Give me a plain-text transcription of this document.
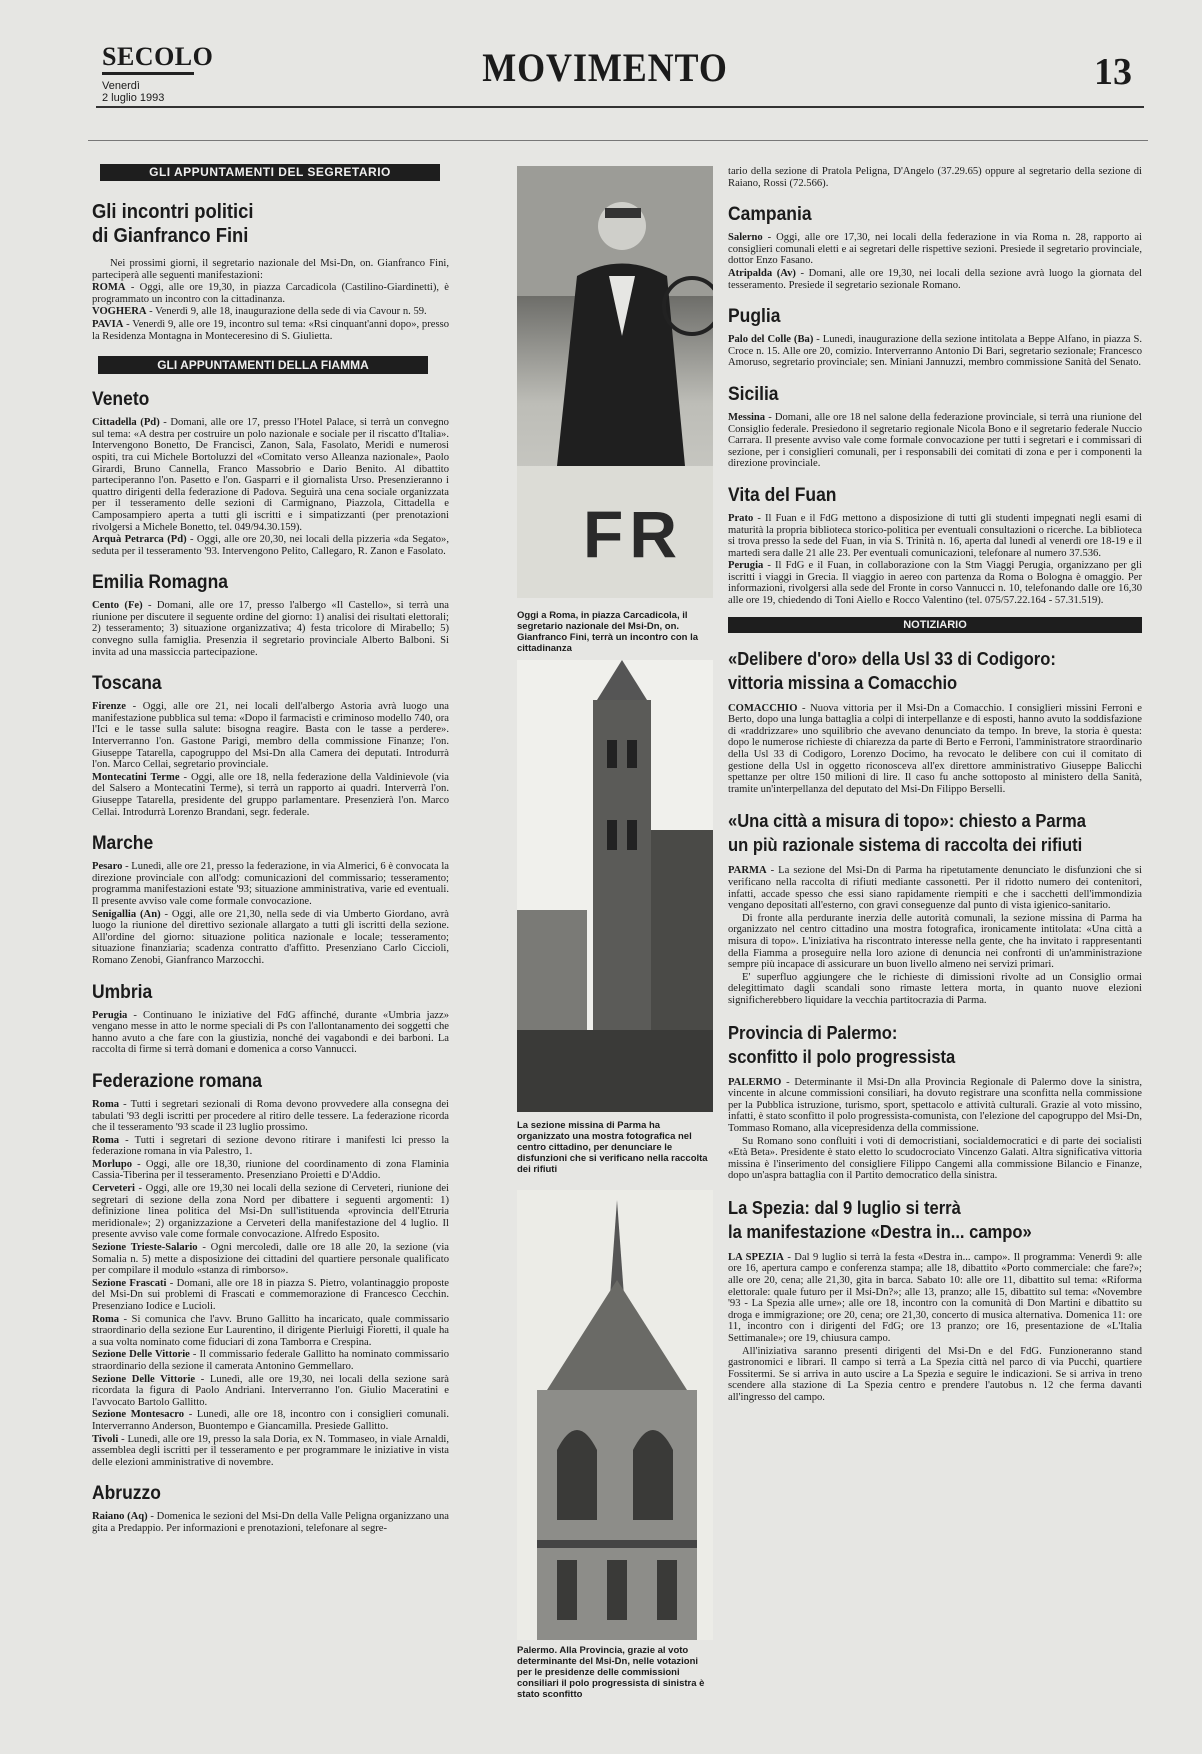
SECOLO
Venerdì
2 luglio 1993
MOVIMENTO	13
GLI APPUNTAMENTI DEL SEGRETARIO
Gli incontri politici
di Gianfranco Fini

Nei prossimi giorni, il segretario nazionale del Msi-Dn, on. Gianfranco Fini, parteciperà alle seguenti manifestazioni:

ROMA - Oggi, alle ore 19,30, in piazza Carcadicola (Castilino-Giardinetti), è programmato un incontro con la cittadinanza.

VOGHERA - Venerdì 9, alle 18, inaugurazione della sede di via Cavour n. 59.

PAVIA - Venerdì 9, alle ore 19, incontro sul tema: «Rsi cinquant'anni dopo», presso la Residenza Montagna in Monteceresino di S. Giulietta.

GLI APPUNTAMENTI DELLA FIAMMA
Veneto

Cittadella (Pd) - Domani, alle ore 17, presso l'Hotel Palace, si terrà un convegno sul tema: «A destra per costruire un polo nazionale e sociale per il riscatto d'Italia». Intervengono Bonetto, De Francisci, Zanon, Sala, Fasolato, Meridi e numerosi ospiti, tra cui Michele Bortoluzzi del «Comitato verso Alleanza nazionale», Paolo Girardi, Bruno Cannella, Franco Massobrio e Dario Benito. Al dibattito parteciperanno l'on. Pasetto e l'on. Gasparri e il giornalista Urso. Presenzieranno i quattro dirigenti della federazione di Padova. Seguirà una cena sociale organizzata per il tesseramento delle sezioni di Carmignano, Piazzola, Cittadella e Camposampiero aperta a tutti gli iscritti e i simpatizzanti (per prenotazioni rivolgersi a Michele Bonetto, tel. 049/94.30.159).

Arquà Petrarca (Pd) - Oggi, alle ore 20,30, nei locali della pizzeria «da Segato», seduta per il tesseramento '93. Intervengono Pelito, Callegaro, R. Zanon e Fasolato.

Emilia Romagna

Cento (Fe) - Domani, alle ore 17, presso l'albergo «Il Castello», si terrà una riunione per discutere il seguente ordine del giorno: 1) analisi dei risultati elettorali; 2) tesseramento; 3) situazione organizzativa; 4) festa tricolore di Mirabello; 5) convegno sulla famiglia. Presenzia il segretario provinciale Alberto Balboni. Si invita ad una massiccia partecipazione.

Toscana

Firenze - Oggi, alle ore 21, nei locali dell'albergo Astoria avrà luogo una manifestazione pubblica sul tema: «Dopo il farmacisti e criminoso modello 740, ora l'Ici e le tasse sulla salute: bisogna reagire. Basta con le tasse a perdere». Interverranno l'on. Gastone Parigi, membro della commissione Finanze; l'on. Giuseppe Tatarella, capogruppo del Msi-Dn alla Camera dei deputati. Introdurrà l'on. Marco Cellai, segretario provinciale.

Montecatini Terme - Oggi, alle ore 18, nella federazione della Valdinievole (via del Salsero a Montecatini Terme), si terrà un rapporto ai quadri. Interverrà l'on. Giuseppe Tatarella, presidente del gruppo parlamentare. Presenzierà l'on. Marco Cellai. Introdurrà Lorenzo Brandani, segr. federale.

Marche

Pesaro - Lunedì, alle ore 21, presso la federazione, in via Almerici, 6 è convocata la direzione provinciale con all'odg: comunicazioni del commissario; tesseramento; programma manifestazioni estate '93; situazione amministrativa, varie ed eventuali. Il presente avviso vale come formale convocazione.

Senigallia (An) - Oggi, alle ore 21,30, nella sede di via Umberto Giordano, avrà luogo la riunione del direttivo sezionale allargato a tutti gli iscritti della sezione. All'ordine del giorno: situazione politica nazionale e locale; tesseramento; situazione finanziaria; scadenza contratto d'affitto. Presenziano Carlo Cicciolì, Romano Zenobi, Gianfranco Marzocchi.

Umbria

Perugia - Continuano le iniziative del FdG affinché, durante «Umbria jazz» vengano messe in atto le norme speciali di Ps con l'allontanamento dei soggetti che hanno avuto a che fare con la giustizia, nonché dei vagabondi e dei barboni. La raccolta di firme si terrà domani e domenica a corso Vannucci.

Federazione romana

Roma - Tutti i segretari sezionali di Roma devono provvedere alla consegna dei tabulati '93 degli iscritti per procedere al ritiro delle tessere. La federazione ricorda che il tesseramento '93 scade il 23 luglio prossimo.

Roma - Tutti i segretari di sezione devono ritirare i manifesti lci presso la federazione romana in via Palestro, 1.

Morlupo - Oggi, alle ore 18,30, riunione del coordinamento di zona Flaminia Cassia-Tiberina per il tesseramento. Presenziano Proietti e D'Addio.

Cerveteri - Oggi, alle ore 19,30 nei locali della sezione di Cerveteri, riunione dei segretari di sezione della zona Nord per dibattere i seguenti argomenti: 1) definizione linea politica del Msi-Dn sull'istituenda «provincia dell'Etruria meridionale»; 2) organizzazione a Cerveteri della manifestazione del 4 luglio. Il presente avviso vale come formale convocazione. Alfredo Esposito.

Sezione Trieste-Salario - Ogni mercoledì, dalle ore 18 alle 20, la sezione (via Somalia n. 5) mette a disposizione dei cittadini del quartiere personale qualificato per compilare il modulo «stanza di rimborso».

Sezione Frascati - Domani, alle ore 18 in piazza S. Pietro, volantinaggio proposte del Msi-Dn sui problemi di Frascati e commemorazione di Francesco Cecchin. Presenziano Iodice e Lucioli.

Roma - Si comunica che l'avv. Bruno Gallitto ha incaricato, quale commissario straordinario della sezione Eur Laurentino, il dirigente Pierluigi Fioretti, il quale ha a sua volta nominato come fiduciari di zona Tamborra e Crespina.

Sezione Delle Vittorie - Il commissario federale Gallitto ha nominato commissario straordinario della sezione il camerata Antonino Gemmellaro.

Sezione Delle Vittorie - Lunedì, alle ore 19,30, nei locali della sezione sarà ricordata la figura di Paolo Andriani. Interverranno l'on. Giulio Maceratini e l'avvocato Bartolo Gallitto.

Sezione Montesacro - Lunedì, alle ore 18, incontro con i consiglieri comunali. Interverranno Anderson, Buontempo e Giancamilla. Presiede Gallitto.

Tivoli - Lunedì, alle ore 19, presso la sala Doria, ex N. Tommaseo, in viale Arnaldi, assemblea degli iscritti per il tesseramento e per programmare le iniziative in vista delle elezioni amministrative di novembre.

Abruzzo

Raiano (Aq) - Domenica le sezioni del Msi-Dn della Valle Peligna organizzano una gita a Predappio. Per informazioni e prenotazioni, telefonare al segre-

FR
Oggi a Roma, in piazza Carcadicola, il segretario nazionale del Msi-Dn, on. Gianfranco Fini, terrà un incontro con la cittadinanza
La sezione missina di Parma ha organizzato una mostra fotografica nel centro cittadino, per denunciare le disfunzioni che si verificano nella raccolta dei rifiuti
Palermo. Alla Provincia, grazie al voto determinante del Msi-Dn, nelle votazioni per le presidenze delle commissioni consiliari il polo progressista di sinistra è stato sconfitto

tario della sezione di Pratola Peligna, D'Angelo (37.29.65) oppure al segretario della sezione di Raiano, Rossi (72.566).

Campania

Salerno - Oggi, alle ore 17,30, nei locali della federazione in via Roma n. 28, rapporto ai consiglieri comunali eletti e ai segretari delle rispettive sezioni. Presiede il segretario provinciale, dottor Enzo Fasano.

Atripalda (Av) - Domani, alle ore 19,30, nei locali della sezione avrà luogo la giornata del tesseramento. Presiede il segretario sezionale Romano.

Puglia

Palo del Colle (Ba) - Lunedì, inaugurazione della sezione intitolata a Beppe Alfano, in piazza S. Croce n. 15. Alle ore 20, comizio. Interverranno Antonio Di Bari, segretario sezionale; Francesco Amoruso, segretario provinciale; sen. Miniani Jannuzzi, membro commissione Sanità del Senato.

Sicilia

Messina - Domani, alle ore 18 nel salone della federazione provinciale, si terrà una riunione del Consiglio federale. Presiedono il segretario regionale Nicola Bono e il segretario federale Nuccio Carrara. Il presente avviso vale come formale convocazione per tutti i segretari e i commissari di sezione, per i consiglieri comunali, per i responsabili dei comitati di zona e per i componenti la direzione provinciale.

Vita del Fuan

Prato - Il Fuan e il FdG mettono a disposizione di tutti gli studenti impegnati negli esami di maturità la propria biblioteca storico-politica per eventuali consultazioni o ricerche. La biblioteca si trova presso la sede del Fuan, in via S. Trinità n. 16, aperta dal lunedì al venerdì ore 18-19 e il martedì sera dalle 21 alle 23. Per eventuali comunicazioni, telefonare al numero 37.536.

Perugia - Il FdG e il Fuan, in collaborazione con la Stm Viaggi Perugia, organizzano per gli iscritti i viaggi in Grecia. Il viaggio in aereo con partenza da Roma o Bologna è omaggio. Per informazioni, rivolgersi alla sede del Fronte in corso Vannucci n. 10, telefonando dalle ore 16,30 alle ore 19, chiedendo di Toni Aiello e Rocco Valentino (tel. 075/57.22.164 - 57.31.519).

NOTIZIARIO
«Delibere d'oro» della Usl 33 di Codigoro:
vittoria missina a Comacchio

COMACCHIO - Nuova vittoria per il Msi-Dn a Comacchio. I consiglieri missini Ferroni e Berto, dopo una lunga battaglia a colpi di interpellanze e di esposti, hanno avuto la soddisfazione di «raddrizzare» uno squilibrio che avevano denunciato da tempo. In breve, la storia è questa: dopo le numerose richieste di chiarezza da parte di Berto e Ferroni, l'amministratore straordinario della Usl 33 di Codigoro, Lorenzo Docimo, ha revocato le delibere con cui il comitato di gestione della Usl in oggetto riconosceva all'ex direttore amministrativo Giuseppe Balicchi spettanze per oltre 150 milioni di lire. Il caso fu anche sottoposto al ministero della Sanità, tramite un'interpellanza del deputato del Msi-Dn Filippo Berselli.

«Una città a misura di topo»: chiesto a Parma
un più razionale sistema di raccolta dei rifiuti

PARMA - La sezione del Msi-Dn di Parma ha ripetutamente denunciato le disfunzioni che si verificano nella raccolta di rifiuti mediante cassonetti. Per il ridotto numero dei contenitori, infatti, accade spesso che essi siano rapidamente riempiti e che i sacchetti dell'immondizia vengano depositati all'esterno, con gravi conseguenze dal punto di vista igienico-sanitario.

Di fronte alla perdurante inerzia delle autorità comunali, la sezione missina di Parma ha organizzato nel centro cittadino una mostra fotografica, ironicamente intitolata: «Una città a misura di topo». L'iniziativa ha riscontrato interesse nella gente, che ha invitato i rappresentanti della Fiamma a proseguire nella loro azione di denuncia nei confronti di un'amministrazione sempre più incapace di assicurare un buon livello almeno nei servizi primari.

E' superfluo aggiungere che le richieste di dimissioni rivolte ad un Consiglio ormai delegittimato dagli scandali sono rimaste lettera morta, in quanto nuove elezioni significherebbero liquidare la vecchia partitocrazia di Parma.

Provincia di Palermo:
sconfitto il polo progressista

PALERMO - Determinante il Msi-Dn alla Provincia Regionale di Palermo dove la sinistra, vincente in alcune commissioni consiliari, ha dovuto registrare una sconfitta nella commissione per la Pubblica istruzione, turismo, sport, spettacolo e attività culturali. Grazie al voto missino, infatti, è stato sconfitto il polo progressista-comunista, con l'elezione del capogruppo del Msi-Dn, Tommaso Romano, alla vicepresidenza della commissione.

Su Romano sono confluiti i voti di democristiani, socialdemocratici e di parte dei socialisti «Età Beta». Presidente è stato eletto lo scudocrociato Vincenzo Galati. Altra significativa vittoria missina è l'inserimento del consigliere Filippo Cangemi alla commissione Bilancio e Finanze, dopo un'aspra battaglia con il Partito democratico della sinistra.

La Spezia: dal 9 luglio si terrà
la manifestazione «Destra in... campo»

LA SPEZIA - Dal 9 luglio si terrà la festa «Destra in... campo». Il programma: Venerdì 9: alle ore 16, apertura campo e conferenza stampa; alle 18, dibattito «Porto commerciale: che fare?»; alle ore 20, cena; alle 21,30, gita in barca. Sabato 10: alle ore 11, dibattito sul tema: «Riforma elettorale: quale futuro per il Msi-Dn?»; alle 13, pranzo; alle 15, dibattito sul tema: «Novembre '93 - La Spezia alle urne»; alle ore 18, incontro con la comunità di Don Martini e dibattito su droga e immigrazione; ore 20, cena; ore 21,30, concerto di musica alternativa. Domenica 11: ore 11, incontro con i dirigenti del FdG; ore 13 pranzo; ore 16, presentazione de «L'Italia Settimanale»; ore 19, chiusura campo.

All'iniziativa saranno presenti dirigenti del Msi-Dn e del FdG. Funzioneranno stand gastronomici e librari. Il campo si terrà a La Spezia città nel parco di via Pucchi, quartiere Fossitermi. Se si arriva in auto uscire a La Spezia e seguire le indicazioni. Se si arriva in treno scendere alla stazione di La Spezia centro e prendere l'autobus n. 12 che ferma davanti all'ingresso del campo.
